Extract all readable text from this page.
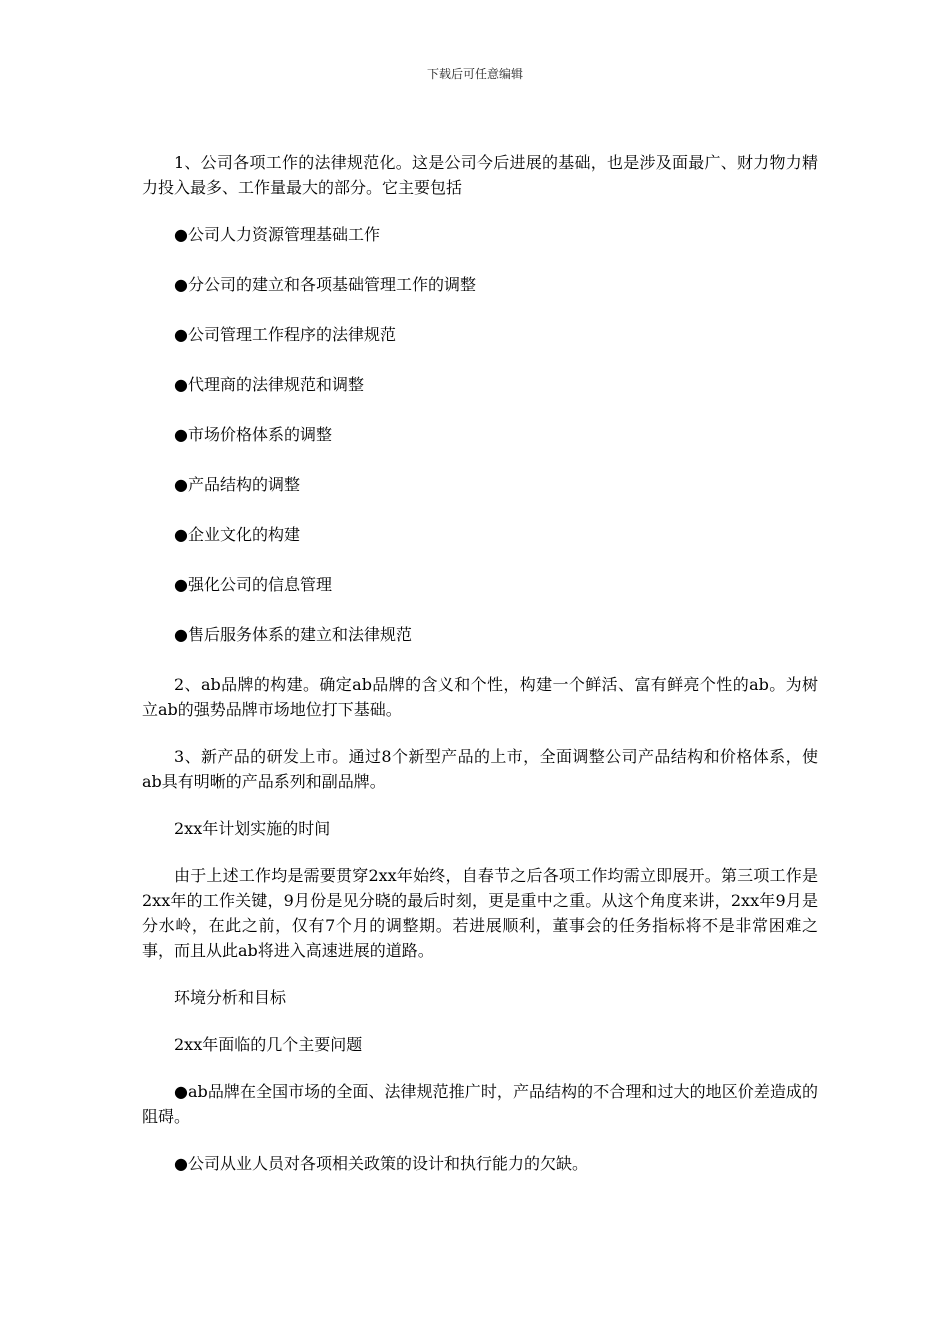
下载后可任意编辑

1、公司各项工作的法律规范化。这是公司今后进展的基础，也是涉及面最广、财力物力精力投入最多、工作量最大的部分。它主要包括

●公司人力资源管理基础工作

●分公司的建立和各项基础管理工作的调整

●公司管理工作程序的法律规范

●代理商的法律规范和调整

●市场价格体系的调整

●产品结构的调整

●企业文化的构建

●强化公司的信息管理

●售后服务体系的建立和法律规范

2、ab品牌的构建。确定ab品牌的含义和个性，构建一个鲜活、富有鲜亮个性的ab。为树立ab的强势品牌市场地位打下基础。

3、新产品的研发上市。通过8个新型产品的上市，全面调整公司产品结构和价格体系，使ab具有明晰的产品系列和副品牌。

2xx年计划实施的时间

由于上述工作均是需要贯穿2xx年始终，自春节之后各项工作均需立即展开。第三项工作是2xx年的工作关键，9月份是见分晓的最后时刻，更是重中之重。从这个角度来讲，2xx年9月是分水岭，在此之前，仅有7个月的调整期。若进展顺利，董事会的任务指标将不是非常困难之事，而且从此ab将进入高速进展的道路。

环境分析和目标

2xx年面临的几个主要问题

●ab品牌在全国市场的全面、法律规范推广时，产品结构的不合理和过大的地区价差造成的阻碍。

●公司从业人员对各项相关政策的设计和执行能力的欠缺。
